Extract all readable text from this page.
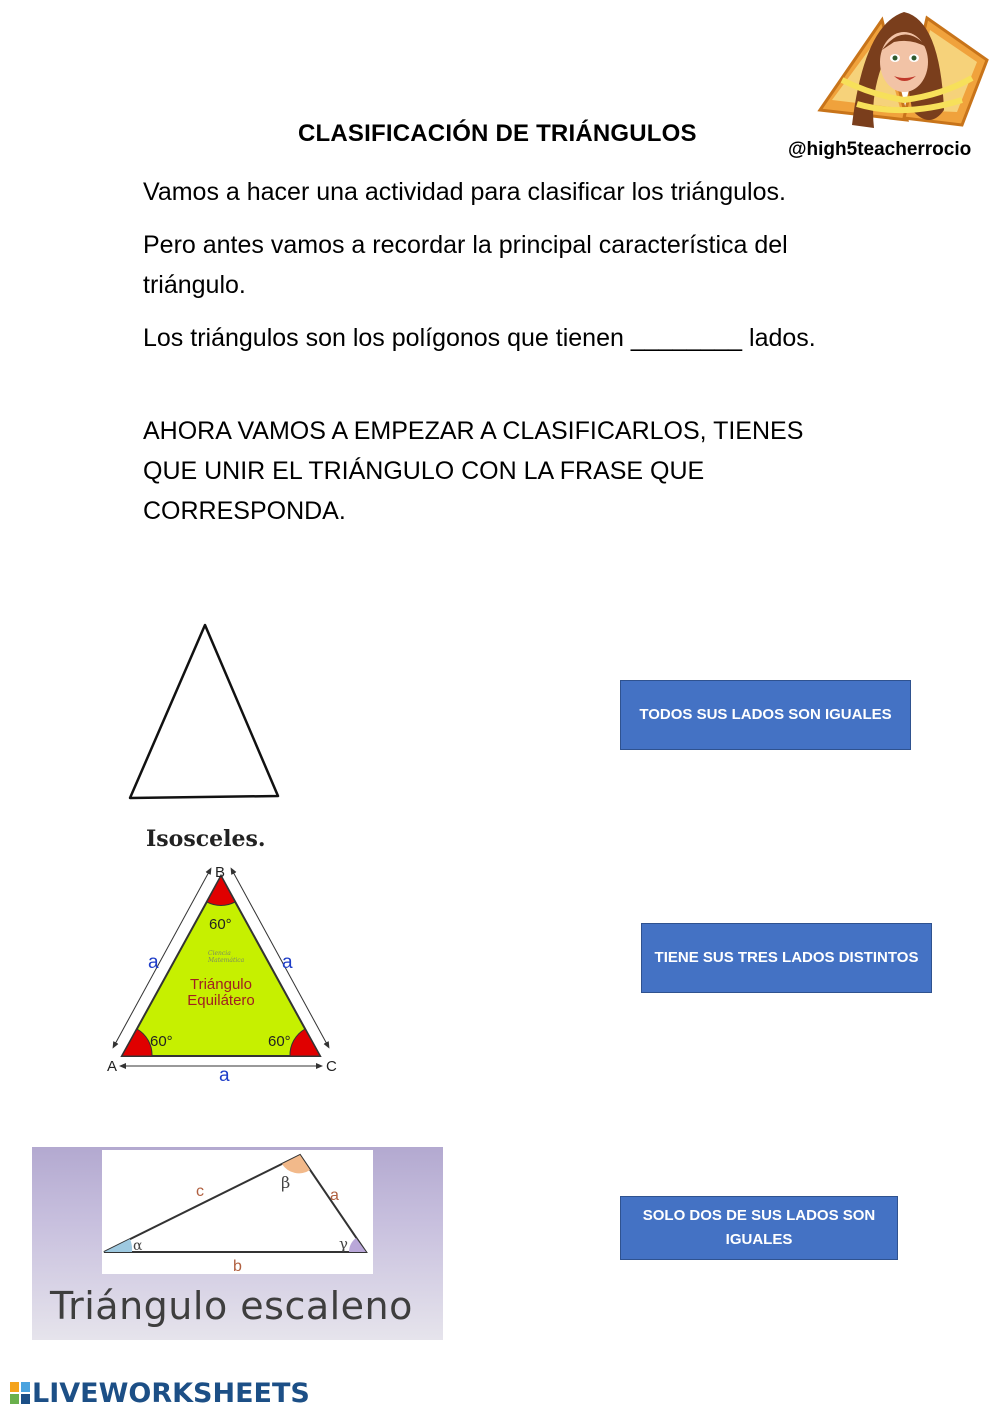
CLASIFICACIÓN DE TRIÁNGULOS
@high5teacherrocio
Vamos a hacer una actividad para clasificar los triángulos.
Pero antes vamos a recordar la principal característica del triángulo.
Los triángulos son los polígonos que tienen ________ lados.
AHORA VAMOS A EMPEZAR A CLASIFICARLOS, TIENES QUE UNIR EL TRIÁNGULO CON LA FRASE QUE CORRESPONDA.
Isosceles.
B
A	C
60°
60°	60°
a	a
a
Ciencia
Matemática
Triángulo
Equilátero
c	a
b
α
β
γ
Triángulo escaleno
TODOS SUS LADOS SON IGUALES
TIENE SUS TRES LADOS DISTINTOS
SOLO DOS DE SUS LADOS SON IGUALES
LIVEWORKSHEETS
